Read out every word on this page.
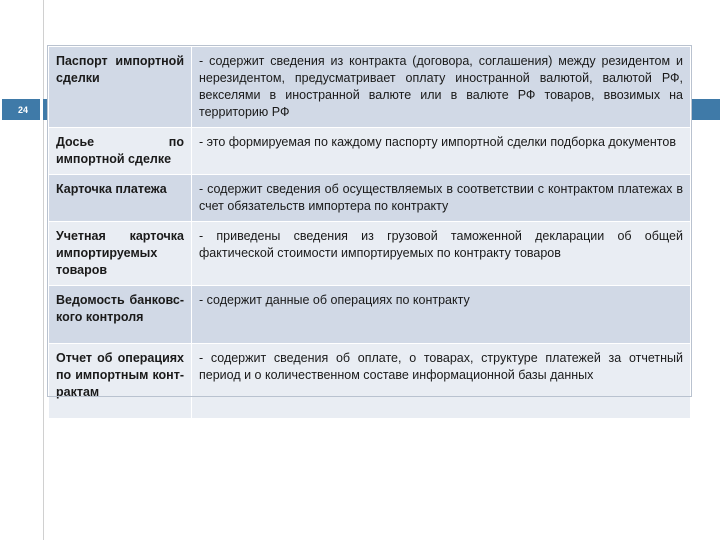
24
Паспорт импортной сделки	- содержит сведения из контракта (договора, соглашения) между резидентом и нерезидентом, предусматривает оплату иностранной валютой, валютой РФ, векселями в иностранной валюте или в валюте РФ товаров, ввозимых на территорию РФ
Досье по импортной сделке	- это формируемая по каждому паспорту импортной сделки подборка документов
Карточка платежа	- содержит сведения об осуществляемых в соответствии с контрактом платежах в счет обязательств импортера по контракту
Учетная карточка импортируемых товаров	- приведены сведения из грузовой таможенной декларации об общей фактической стоимости импортируемых по контракту товаров
Ведомость банковс-кого контроля	- содержит данные об операциях по контракту
Отчет об операциях по импортным конт-рактам	- содержит сведения об оплате, о товарах, структуре платежей за отчетный период и о количественном составе информационной базы данных
